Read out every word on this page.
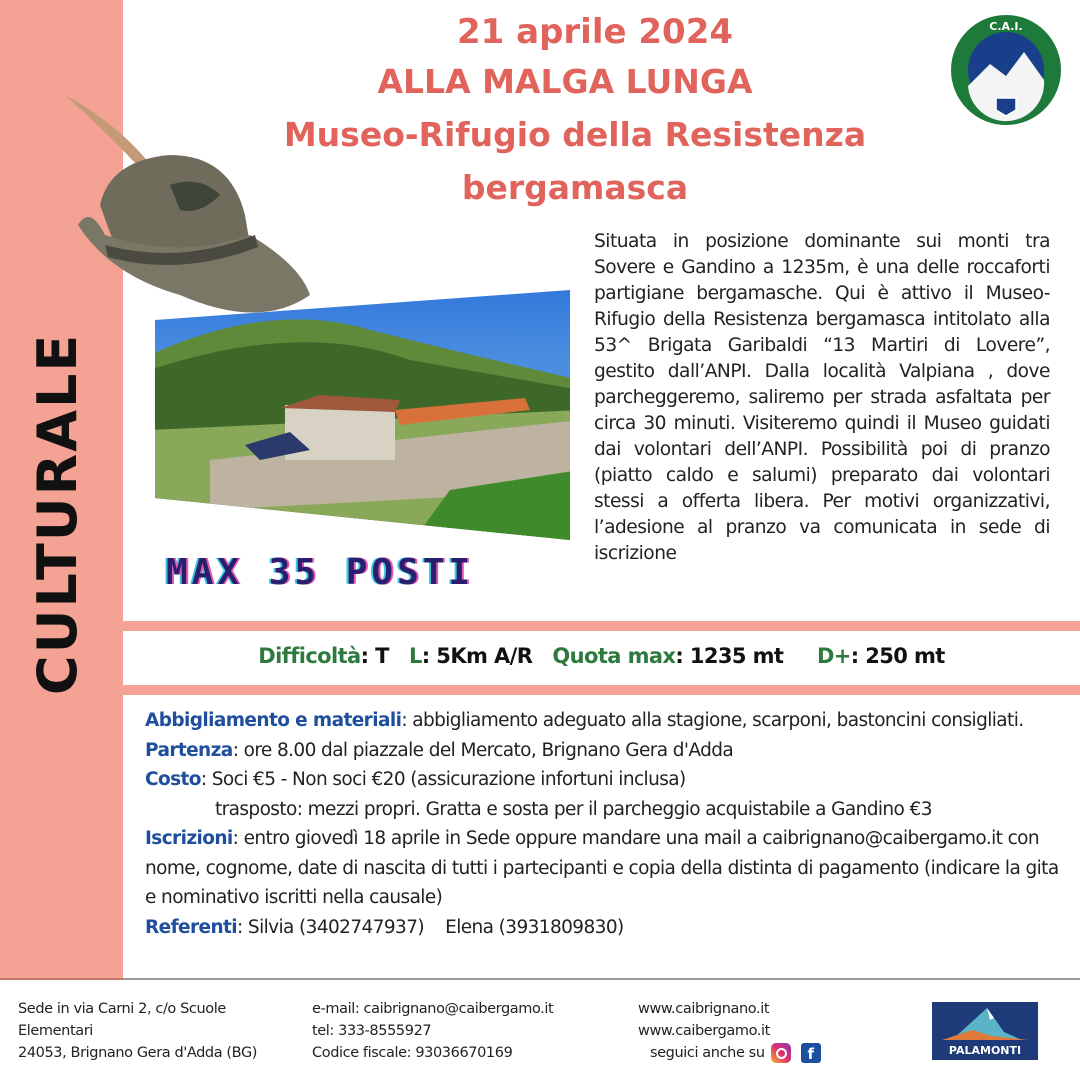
CULTURALE
21 aprile 2024
ALLA MALGA LUNGA
Museo-Rifugio della Resistenza
bergamasca
C.A.I.
MAX 35 POSTI
Situata in posizione dominante sui monti tra Sovere e Gandino a 1235m, è una delle roccaforti partigiane bergamasche. Qui è attivo il Museo-Rifugio della Resistenza bergamasca intitolato alla 53^ Brigata Garibaldi “13 Martiri di Lovere”, gestito dall’ANPI. Dalla località Valpiana , dove parcheggeremo, saliremo per strada asfaltata per circa 30 minuti. Visiteremo quindi il Museo guidati dai volontari dell’ANPI. Possibilità poi di pranzo (piatto caldo e salumi) preparato dai volontari stessi a offerta libera. Per motivi organizzativi, l’adesione al pranzo va comunicata in sede di iscrizione
Difficoltà: T L: 5Km A/R Quota max: 1235 mt D+: 250 mt
Abbigliamento e materiali: abbigliamento adeguato alla stagione, scarponi, bastoncini consigliati.
Partenza: ore 8.00 dal piazzale del Mercato, Brignano Gera d'Adda
Costo: Soci €5 - Non soci €20 (assicurazione infortuni inclusa)
trasposto: mezzi propri. Gratta e sosta per il parcheggio acquistabile a Gandino €3
Iscrizioni: entro giovedì 18 aprile in Sede oppure mandare una mail a caibrignano@caibergamo.it con nome, cognome, date di nascita di tutti i partecipanti e copia della distinta di pagamento (indicare la gita e nominativo iscritti nella causale)
Referenti: Silvia (3402747937)    Elena (3931809830)
Sede in via Carni 2, c/o Scuole
Elementari
24053, Brignano Gera d'Adda (BG)
e-mail: caibrignano@caibergamo.it
tel: 333-8555927
Codice fiscale: 93036670169
www.caibrignano.it
www.caibergamo.it
seguici anche su	f	PALAMONTI
